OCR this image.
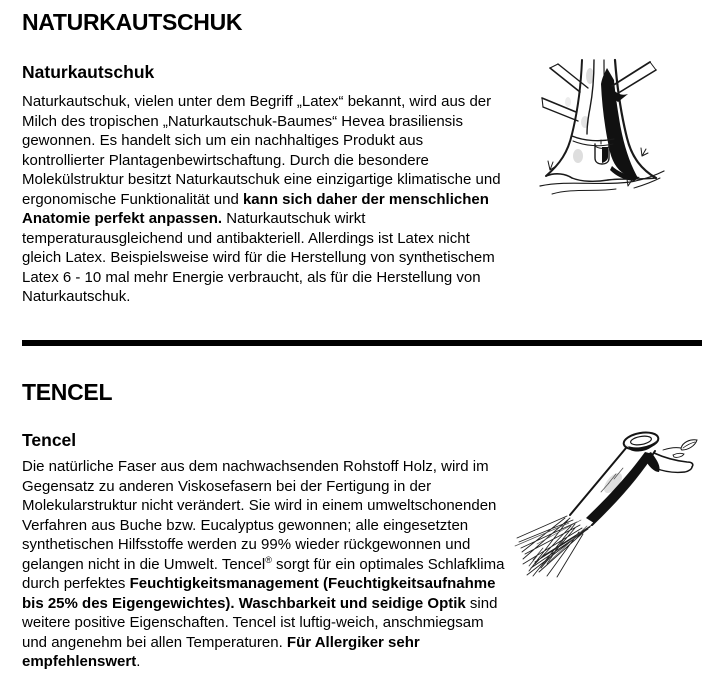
NATURKAUTSCHUK
Naturkautschuk

Naturkautschuk, vielen unter dem Begriff „Latex“ bekannt, wird aus der Milch des tropischen „Naturkautschuk-Baumes“ Hevea brasiliensis gewonnen. Es handelt sich um ein nachhaltiges Produkt aus kontrollierter Plantagenbewirtschaftung. Durch die besondere Molekülstruktur besitzt Naturkautschuk eine einzigartige klimatische und ergonomische Funktionalität und kann sich daher der menschlichen Anatomie perfekt anpassen. Naturkautschuk wirkt temperaturausgleichend und antibakteriell. Allerdings ist Latex nicht gleich Latex. Beispielsweise wird für die Herstellung von synthetischem Latex 6 - 10 mal mehr Energie verbraucht, als für die Herstellung von Naturkautschuk.

TENCEL
Tencel

Die natürliche Faser aus dem nachwachsenden Rohstoff Holz, wird im Gegensatz zu anderen Viskosefasern bei der Fertigung in der Molekularstruktur nicht verändert. Sie wird in einem umweltschonenden Verfahren aus Buche bzw. Eucalyptus gewonnen; alle eingesetzten synthetischen Hilfsstoffe werden zu 99% wieder rückgewonnen und gelangen nicht in die Umwelt. Tencel® sorgt für ein optimales Schlafklima durch perfektes Feuchtigkeitsmanagement (Feuchtigkeitsaufnahme bis 25% des Eigengewichtes). Waschbarkeit und seidige Optik sind weitere positive Eigenschaften. Tencel ist luftig-weich, anschmiegsam und angenehm bei allen Temperaturen. Für Allergiker sehr empfehlenswert.
